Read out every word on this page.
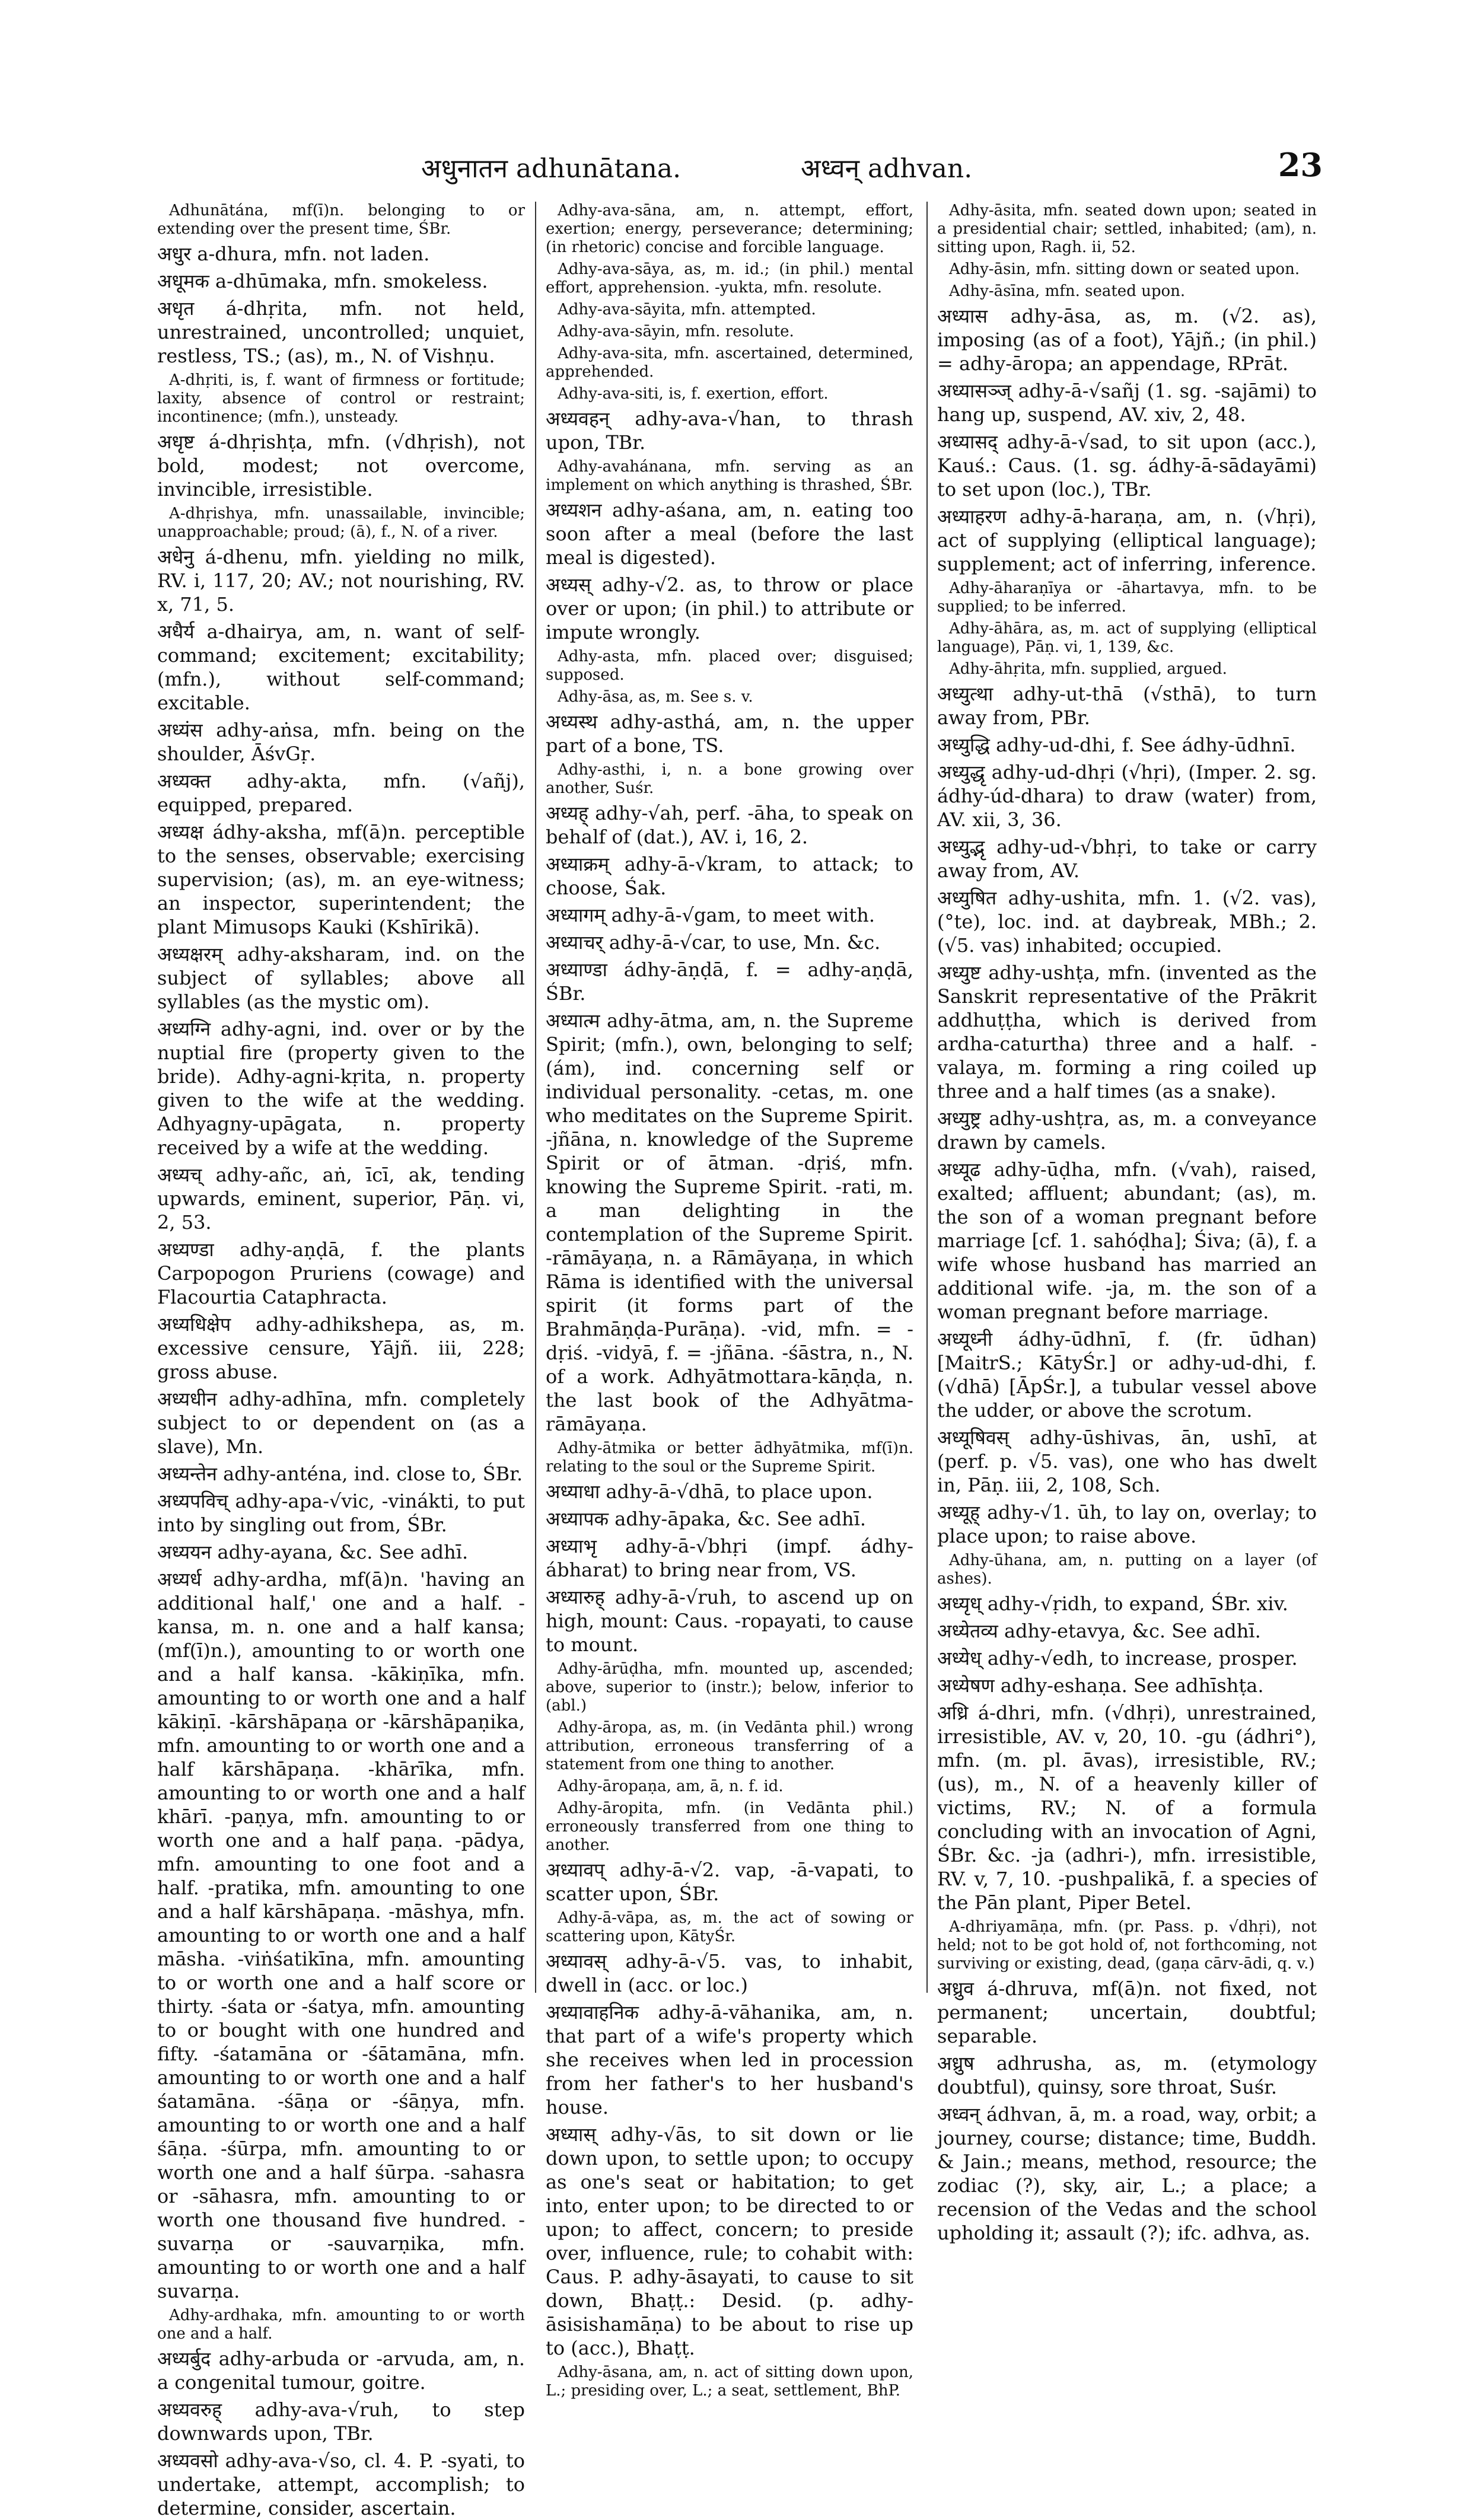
अधुनातन adhunātana.	अध्वन् adhvan.	23

Adhunātána, mf(ī)n. belonging to or extending over the present time, ŚBr.

अधुर a-dhura, mfn. not laden.

अधूमक a-dhūmaka, mfn. smokeless.

अधृत á-dhṛita, mfn. not held, unrestrained, uncontrolled; unquiet, restless, TS.; (as), m., N. of Vishṇu.

A-dhṛiti, is, f. want of firmness or fortitude; laxity, absence of control or restraint; incontinence; (mfn.), unsteady.

अधृष्ट á-dhṛishṭa, mfn. (√dhṛish), not bold, modest; not overcome, invincible, irresistible.

A-dhṛishya, mfn. unassailable, invincible; unapproachable; proud; (ā), f., N. of a river.

अधेनु á-dhenu, mfn. yielding no milk, RV. i, 117, 20; AV.; not nourishing, RV. x, 71, 5.

अधैर्य a-dhairya, am, n. want of self-command; excitement; excitability; (mfn.), without self-command; excitable.

अध्यंस adhy-aṅsa, mfn. being on the shoulder, ĀśvGṛ.

अध्यक्त adhy-akta, mfn. (√añj), equipped, prepared.

अध्यक्ष ádhy-aksha, mf(ā)n. perceptible to the senses, observable; exercising supervision; (as), m. an eye-witness; an inspector, superintendent; the plant Mimusops Kauki (Kshīrikā).

अध्यक्षरम् adhy-aksharam, ind. on the subject of syllables; above all syllables (as the mystic om).

अध्यग्नि adhy-agni, ind. over or by the nuptial fire (property given to the bride). Adhy-agni-kṛita, n. property given to the wife at the wedding. Adhyagny-upāgata, n. property received by a wife at the wedding.

अध्यच् adhy-añc, aṅ, īcī, ak, tending upwards, eminent, superior, Pāṇ. vi, 2, 53.

अध्यण्डा adhy-aṇḍā, f. the plants Carpopogon Pruriens (cowage) and Flacourtia Cataphracta.

अध्यधिक्षेप adhy-adhikshepa, as, m. excessive censure, Yājñ. iii, 228; gross abuse.

अध्यधीन adhy-adhīna, mfn. completely subject to or dependent on (as a slave), Mn.

अध्यन्तेन adhy-anténa, ind. close to, ŚBr.

अध्यपविच् adhy-apa-√vic, -vinákti, to put into by singling out from, ŚBr.

अध्ययन adhy-ayana, &c. See adhī.

अध्यर्ध adhy-ardha, mf(ā)n. 'having an additional half,' one and a half. -kansa, m. n. one and a half kansa; (mf(ī)n.), amounting to or worth one and a half kansa. -kākiṇīka, mfn. amounting to or worth one and a half kākiṇī. -kārshāpaṇa or -kārshāpaṇika, mfn. amounting to or worth one and a half kārshāpaṇa. -khārīka, mfn. amounting to or worth one and a half khārī. -paṇya, mfn. amounting to or worth one and a half paṇa. -pādya, mfn. amounting to one foot and a half. -pratika, mfn. amounting to one and a half kārshāpaṇa. -māshya, mfn. amounting to or worth one and a half māsha. -viṅśatikīna, mfn. amounting to or worth one and a half score or thirty. -śata or -śatya, mfn. amounting to or bought with one hundred and fifty. -śatamāna or -śātamāna, mfn. amounting to or worth one and a half śatamāna. -śāṇa or -śāṇya, mfn. amounting to or worth one and a half śāṇa. -śūrpa, mfn. amounting to or worth one and a half śūrpa. -sahasra or -sāhasra, mfn. amounting to or worth one thousand five hundred. -suvarṇa or -sauvarṇika, mfn. amounting to or worth one and a half suvarṇa.

Adhy-ardhaka, mfn. amounting to or worth one and a half.

अध्यर्बुद adhy-arbuda or -arvuda, am, n. a congenital tumour, goitre.

अध्यवरुह् adhy-ava-√ruh, to step downwards upon, TBr.

अध्यवसो adhy-ava-√so, cl. 4. P. -syati, to undertake, attempt, accomplish; to determine, consider, ascertain.

Adhy-ava-sāna, am, n. attempt, effort, exertion; energy, perseverance; determining; (in rhetoric) concise and forcible language.

Adhy-ava-sāya, as, m. id.; (in phil.) mental effort, apprehension. -yukta, mfn. resolute.

Adhy-ava-sāyita, mfn. attempted.

Adhy-ava-sāyin, mfn. resolute.

Adhy-ava-sita, mfn. ascertained, determined, apprehended.

Adhy-ava-siti, is, f. exertion, effort.

अध्यवहन् adhy-ava-√han, to thrash upon, TBr.

Adhy-avahánana, mfn. serving as an implement on which anything is thrashed, ŚBr.

अध्यशन adhy-aśana, am, n. eating too soon after a meal (before the last meal is digested).

अध्यस् adhy-√2. as, to throw or place over or upon; (in phil.) to attribute or impute wrongly.

Adhy-asta, mfn. placed over; disguised; supposed.

Adhy-āsa, as, m. See s. v.

अध्यस्थ adhy-asthá, am, n. the upper part of a bone, TS.

Adhy-asthi, i, n. a bone growing over another, Suśr.

अध्यह् adhy-√ah, perf. -āha, to speak on behalf of (dat.), AV. i, 16, 2.

अध्याक्रम् adhy-ā-√kram, to attack; to choose, Śak.

अध्यागम् adhy-ā-√gam, to meet with.

अध्याचर् adhy-ā-√car, to use, Mn. &c.

अध्याण्डा ádhy-āṇḍā, f. = adhy-aṇḍā, ŚBr.

अध्यात्म adhy-ātma, am, n. the Supreme Spirit; (mfn.), own, belonging to self; (ám), ind. concerning self or individual personality. -cetas, m. one who meditates on the Supreme Spirit. -jñāna, n. knowledge of the Supreme Spirit or of ātman. -dṛiś, mfn. knowing the Supreme Spirit. -rati, m. a man delighting in the contemplation of the Supreme Spirit. -rāmāyaṇa, n. a Rāmāyaṇa, in which Rāma is identified with the universal spirit (it forms part of the Brahmāṇḍa-Purāṇa). -vid, mfn. = -dṛiś. -vidyā, f. = -jñāna. -śāstra, n., N. of a work. Adhyātmottara-kāṇḍa, n. the last book of the Adhyātma-rāmāyaṇa.

Adhy-ātmika or better ādhyātmika, mf(ī)n. relating to the soul or the Supreme Spirit.

अध्याधा adhy-ā-√dhā, to place upon.

अध्यापक adhy-āpaka, &c. See adhī.

अध्याभृ adhy-ā-√bhṛi (impf. ádhy-ábharat) to bring near from, VS.

अध्यारुह् adhy-ā-√ruh, to ascend up on high, mount: Caus. -ropayati, to cause to mount.

Adhy-ārūḍha, mfn. mounted up, ascended; above, superior to (instr.); below, inferior to (abl.)

Adhy-āropa, as, m. (in Vedānta phil.) wrong attribution, erroneous transferring of a statement from one thing to another.

Adhy-āropaṇa, am, ā, n. f. id.

Adhy-āropita, mfn. (in Vedānta phil.) erroneously transferred from one thing to another.

अध्यावप् adhy-ā-√2. vap, -ā-vapati, to scatter upon, ŚBr.

Adhy-ā-vāpa, as, m. the act of sowing or scattering upon, KātyŚr.

अध्यावस् adhy-ā-√5. vas, to inhabit, dwell in (acc. or loc.)

अध्यावाहनिक adhy-ā-vāhanika, am, n. that part of a wife's property which she receives when led in procession from her father's to her husband's house.

अध्यास् adhy-√ās, to sit down or lie down upon, to settle upon; to occupy as one's seat or habitation; to get into, enter upon; to be directed to or upon; to affect, concern; to preside over, influence, rule; to cohabit with: Caus. P. adhy-āsayati, to cause to sit down, Bhaṭṭ.: Desid. (p. adhy-āsisishamāṇa) to be about to rise up to (acc.), Bhaṭṭ.

Adhy-āsana, am, n. act of sitting down upon, L.; presiding over, L.; a seat, settlement, BhP.

Adhy-āsita, mfn. seated down upon; seated in a presidential chair; settled, inhabited; (am), n. sitting upon, Ragh. ii, 52.

Adhy-āsin, mfn. sitting down or seated upon.

Adhy-āsīna, mfn. seated upon.

अध्यास adhy-āsa, as, m. (√2. as), imposing (as of a foot), Yājñ.; (in phil.) = adhy-āropa; an appendage, RPrāt.

अध्यासञ्ज् adhy-ā-√sañj (1. sg. -sajāmi) to hang up, suspend, AV. xiv, 2, 48.

अध्यासद् adhy-ā-√sad, to sit upon (acc.), Kauś.: Caus. (1. sg. ádhy-ā-sādayāmi) to set upon (loc.), TBr.

अध्याहरण adhy-ā-haraṇa, am, n. (√hṛi), act of supplying (elliptical language); supplement; act of inferring, inference.

Adhy-āharaṇīya or -āhartavya, mfn. to be supplied; to be inferred.

Adhy-āhāra, as, m. act of supplying (elliptical language), Pāṇ. vi, 1, 139, &c.

Adhy-āhṛita, mfn. supplied, argued.

अध्युत्था adhy-ut-thā (√sthā), to turn away from, PBr.

अध्युद्धि adhy-ud-dhi, f. See ádhy-ūdhnī.

अध्युद्धृ adhy-ud-dhṛi (√hṛi), (Imper. 2. sg. ádhy-úd-dhara) to draw (water) from, AV. xii, 3, 36.

अध्युद्भृ adhy-ud-√bhṛi, to take or carry away from, AV.

अध्युषित adhy-ushita, mfn. 1. (√2. vas), (°te), loc. ind. at daybreak, MBh.; 2. (√5. vas) inhabited; occupied.

अध्युष्ट adhy-ushṭa, mfn. (invented as the Sanskrit representative of the Prākrit addhuṭṭha, which is derived from ardha-caturtha) three and a half. -valaya, m. forming a ring coiled up three and a half times (as a snake).

अध्युष्ट्र adhy-ushṭra, as, m. a conveyance drawn by camels.

अध्यूढ adhy-ūḍha, mfn. (√vah), raised, exalted; affluent; abundant; (as), m. the son of a woman pregnant before marriage [cf. 1. sahóḍha]; Śiva; (ā), f. a wife whose husband has married an additional wife. -ja, m. the son of a woman pregnant before marriage.

अध्यूध्नी ádhy-ūdhnī, f. (fr. ūdhan) [MaitrS.; KātyŚr.] or adhy-ud-dhi, f. (√dhā) [ĀpŚr.], a tubular vessel above the udder, or above the scrotum.

अध्यूषिवस् adhy-ūshivas, ān, ushī, at (perf. p. √5. vas), one who has dwelt in, Pāṇ. iii, 2, 108, Sch.

अध्यूह् adhy-√1. ūh, to lay on, overlay; to place upon; to raise above.

Adhy-ūhana, am, n. putting on a layer (of ashes).

अध्यृध् adhy-√ṛidh, to expand, ŚBr. xiv.

अध्येतव्य adhy-etavya, &c. See adhī.

अध्येध् adhy-√edh, to increase, prosper.

अध्येषण adhy-eshaṇa. See adhīshṭa.

अध्रि á-dhri, mfn. (√dhṛi), unrestrained, irresistible, AV. v, 20, 10. -gu (ádhri°), mfn. (m. pl. āvas), irresistible, RV.; (us), m., N. of a heavenly killer of victims, RV.; N. of a formula concluding with an invocation of Agni, ŚBr. &c. -ja (adhri-), mfn. irresistible, RV. v, 7, 10. -pushpalikā, f. a species of the Pān plant, Piper Betel.

A-dhriyamāṇa, mfn. (pr. Pass. p. √dhṛi), not held; not to be got hold of, not forthcoming, not surviving or existing, dead, (gaṇa cārv-ādi, q. v.)

अध्रुव á-dhruva, mf(ā)n. not fixed, not permanent; uncertain, doubtful; separable.

अध्रुष adhrusha, as, m. (etymology doubtful), quinsy, sore throat, Suśr.

अध्वन् ádhvan, ā, m. a road, way, orbit; a journey, course; distance; time, Buddh. & Jain.; means, method, resource; the zodiac (?), sky, air, L.; a place; a recension of the Vedas and the school upholding it; assault (?); ifc. adhva, as.
